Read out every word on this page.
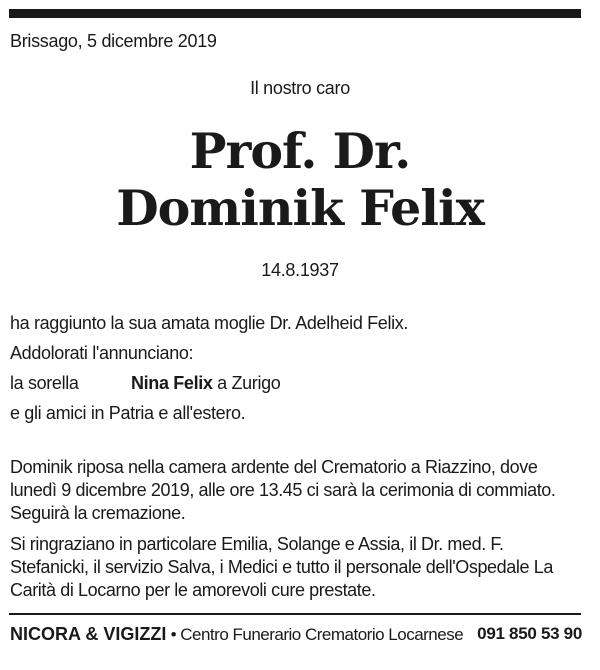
Brissago, 5 dicembre 2019
Il nostro caro
Prof. Dr.
Dominik Felix
14.8.1937
ha raggiunto la sua amata moglie Dr. Adelheid Felix.
Addolorati l'annunciano:
la sorella	Nina Felix a Zurigo
e gli amici in Patria e all'estero.
Dominik riposa nella camera ardente del Crematorio a Riazzino, dove lunedì 9 dicembre 2019, alle ore 13.45 ci sarà la cerimonia di commiato. Seguirà la cremazione.
Si ringraziano in particolare Emilia, Solange e Assia, il Dr. med. F. Stefanicki, il servizio Salva, i Medici e tutto il personale dell'Ospedale La Carità di Locarno per le amorevoli cure prestate.
NICORA & VIGIZZI • Centro Funerario Crematorio Locarnese 091 850 53 90
